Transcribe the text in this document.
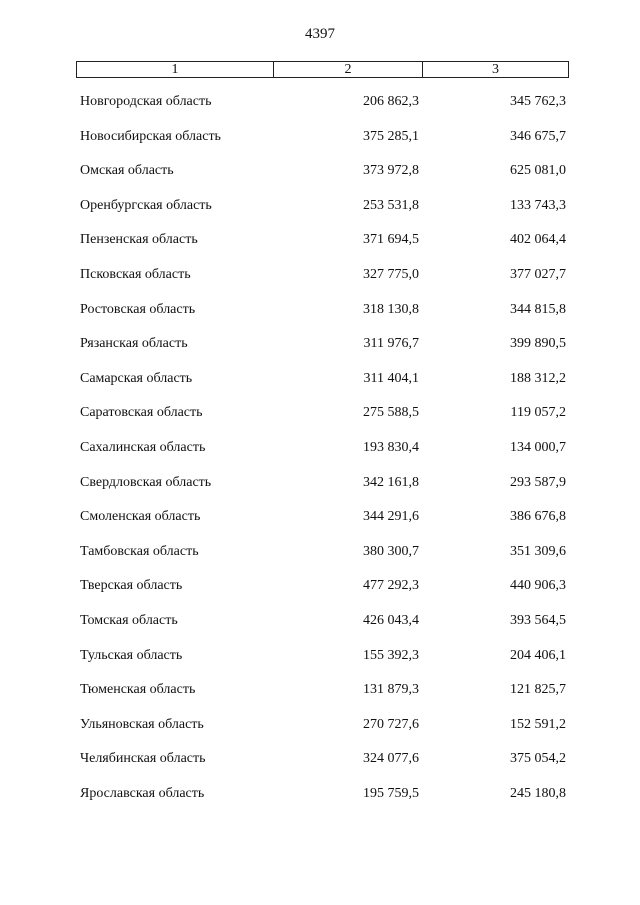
4397
1	2	3
Новгородская область	206 862,3	345 762,3
Новосибирская область	375 285,1	346 675,7
Омская область	373 972,8	625 081,0
Оренбургская область	253 531,8	133 743,3
Пензенская область	371 694,5	402 064,4
Псковская область	327 775,0	377 027,7
Ростовская область	318 130,8	344 815,8
Рязанская область	311 976,7	399 890,5
Самарская область	311 404,1	188 312,2
Саратовская область	275 588,5	119 057,2
Сахалинская область	193 830,4	134 000,7
Свердловская область	342 161,8	293 587,9
Смоленская область	344 291,6	386 676,8
Тамбовская область	380 300,7	351 309,6
Тверская область	477 292,3	440 906,3
Томская область	426 043,4	393 564,5
Тульская область	155 392,3	204 406,1
Тюменская область	131 879,3	121 825,7
Ульяновская область	270 727,6	152 591,2
Челябинская область	324 077,6	375 054,2
Ярославская область	195 759,5	245 180,8
